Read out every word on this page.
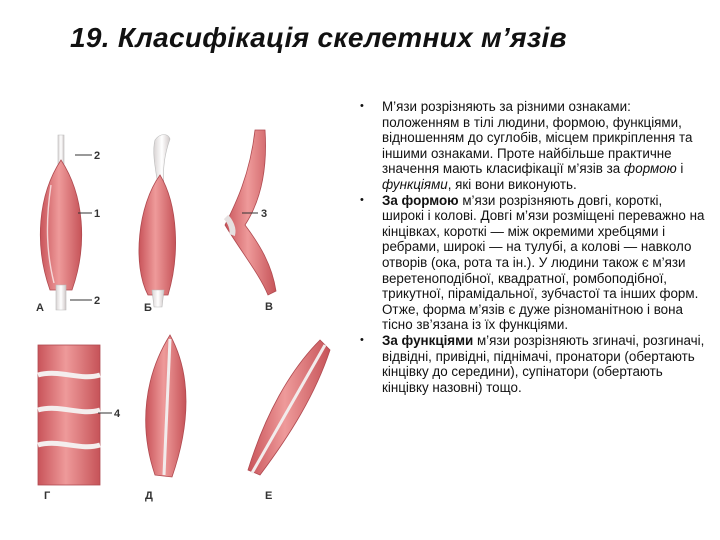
19. Класифікація скелетних м’язів
2
1
2
А	Б
3
В
4
Г	Д	Е

• М’язи розрізняють за різними ознаками: положенням в тілі людини, формою, функціями, відношенням до суглобів, місцем прикріплення та іншими ознаками. Проте найбільше практичне значення мають класифікації м’язів за формою і функціями, які вони виконують.

• За формою м’язи розрізняють довгі, короткі, широкі і колові. Довгі м’язи розміщені переважно на кінцівках, короткі — між окремими хребцями і ребрами, широкі — на тулубі, а колові — навколо отворів (ока, рота та ін.). У людини також є м’язи веретеноподібної, квадратної, ромбоподібної, трикутної, пірамідальної, зубчастої та інших форм. Отже, форма м’язів є дуже різноманітною і вона тісно зв’язана із їх функціями.

• За функціями м’язи розрізняють згиначі, розгиначі, відвідні, привідні, піднімачі, пронатори (обертають кінцівку до середини), супінатори (обертають кінцівку назовні) тощо.
